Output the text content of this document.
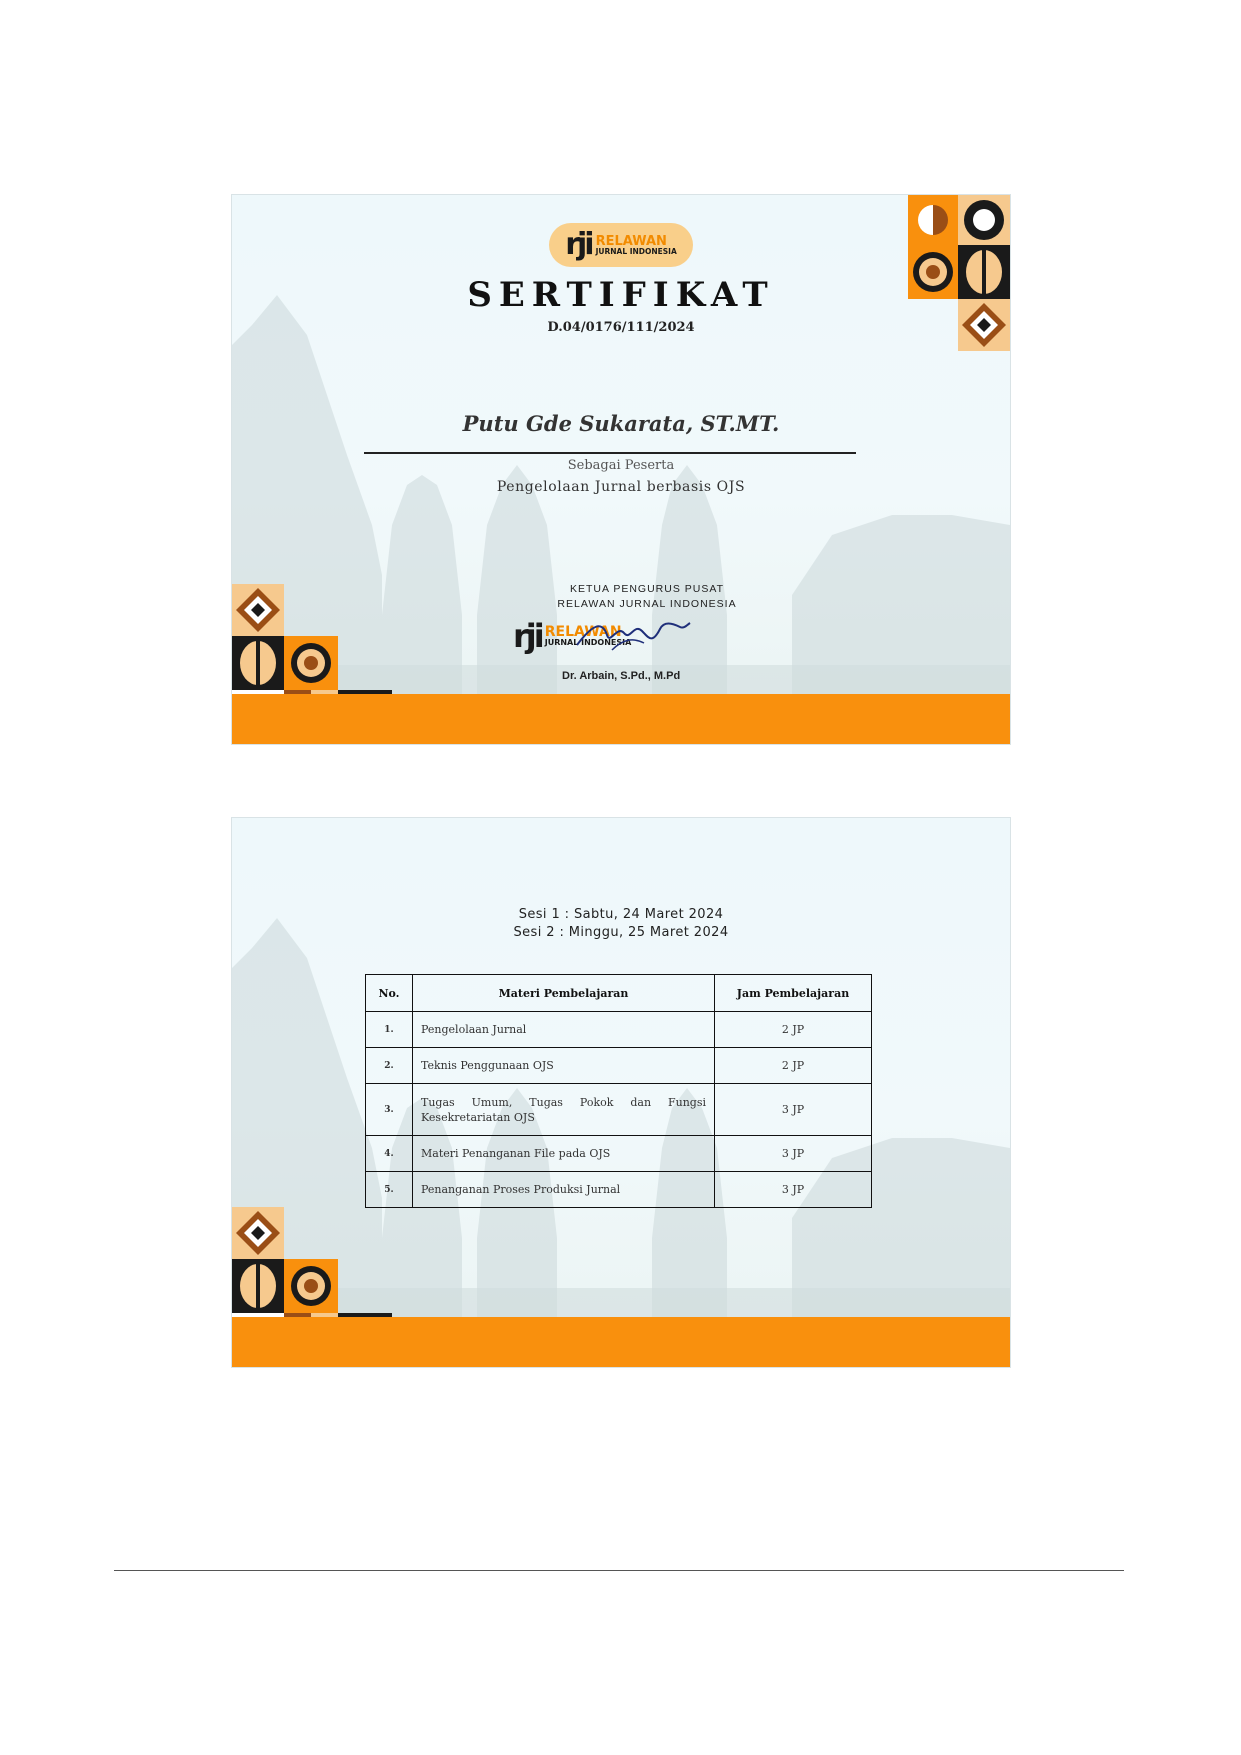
rji RELAWAN
JURNAL INDONESIA
SERTIFIKAT
D.04/0176/111/2024
Putu Gde Sukarata, ST.MT.
Sebagai Peserta
Pengelolaan Jurnal berbasis OJS
KETUA PENGURUS PUSAT
RELAWAN JURNAL INDONESIA
rji RELAWAN
JURNAL INDONESIA
Dr. Arbain, S.Pd., M.Pd
Sesi 1 : Sabtu, 24 Maret 2024
Sesi 2 : Minggu, 25 Maret 2024
No.	Materi Pembelajaran	Jam Pembelajaran
1.	Pengelolaan Jurnal	2 JP
2.	Teknis Penggunaan OJS	2 JP
3.	Tugas Umum, Tugas Pokok dan Fungsi Kesekretariatan OJS	3 JP
4.	Materi Penanganan File pada OJS	3 JP
5.	Penanganan Proses Produksi Jurnal	3 JP
